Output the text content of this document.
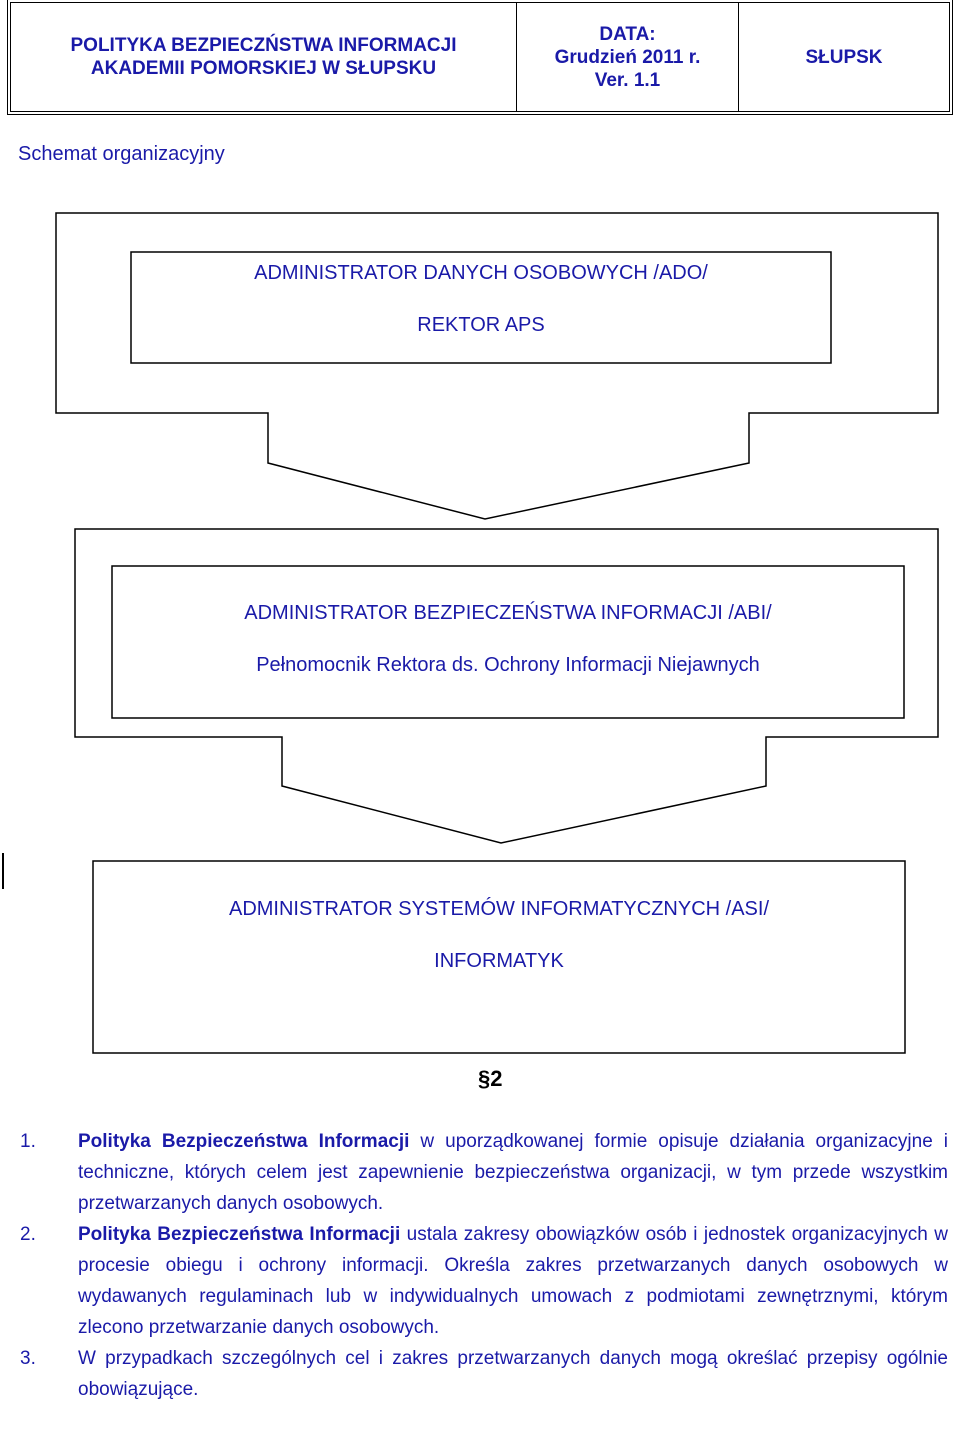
POLITYKA BEZPIECZŃSTWA INFORMACJI
AKADEMII POMORSKIEJ W SŁUPSKU
DATA:
Grudzień 2011 r.
Ver. 1.1
SŁUPSK
Schemat organizacyjny
ADMINISTRATOR DANYCH OSOBOWYCH /ADO/
REKTOR APS
ADMINISTRATOR BEZPIECZEŃSTWA INFORMACJI /ABI/
Pełnomocnik Rektora ds. Ochrony Informacji Niejawnych
ADMINISTRATOR SYSTEMÓW INFORMATYCZNYCH /ASI/
INFORMATYK
§2
1.	Polityka Bezpieczeństwa Informacji w uporządkowanej formie opisuje działania organizacyjne i techniczne, których celem jest zapewnienie bezpieczeństwa organizacji, w tym przede wszystkim przetwarzanych danych osobowych.
2.	Polityka Bezpieczeństwa Informacji ustala zakresy obowiązków osób i jednostek organizacyjnych w procesie obiegu i ochrony informacji. Określa zakres przetwarzanych danych osobowych w wydawanych regulaminach lub w indywidualnych umowach z podmiotami zewnętrznymi, którym zlecono przetwarzanie danych osobowych.
3.	W przypadkach szczególnych cel i zakres przetwarzanych danych mogą określać przepisy ogólnie obowiązujące.
